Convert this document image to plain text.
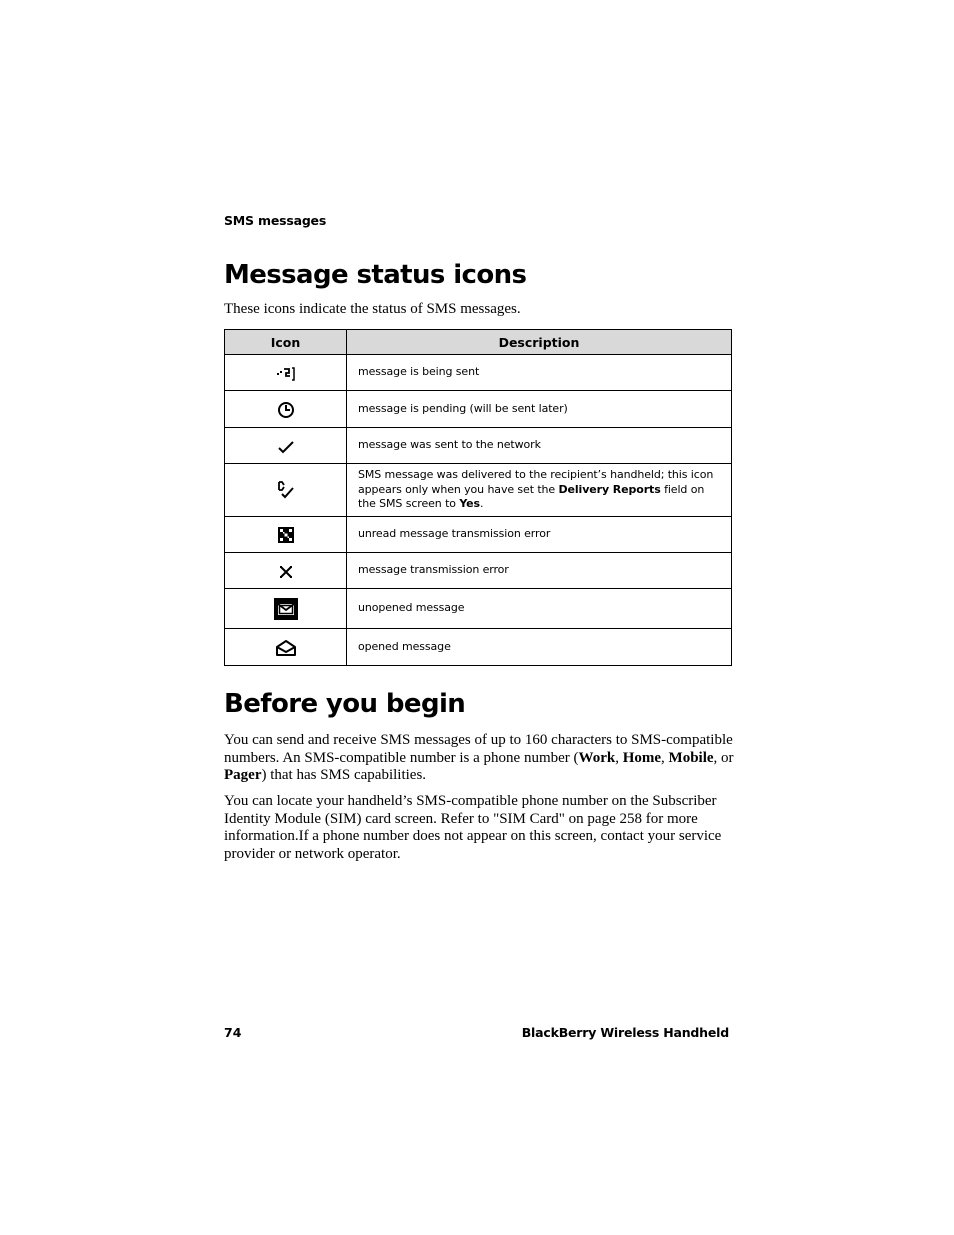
SMS messages
Message status icons

These icons indicate the status of SMS messages.

Icon	Description
	message is being sent
	message is pending (will be sent later)
	message was sent to the network
	SMS message was delivered to the recipient’s handheld; this icon appears only when you have set the Delivery Reports field on the SMS screen to Yes.
	unread message transmission error
	message transmission error
	unopened message
	opened message
Before you begin

You can send and receive SMS messages of up to 160 characters to SMS-compatible numbers. An SMS-compatible number is a phone number (Work, Home, Mobile, or Pager) that has SMS capabilities.

You can locate your handheld’s SMS-compatible phone number on the Subscriber Identity Module (SIM) card screen. Refer to "SIM Card" on page 258 for more information.If a phone number does not appear on this screen, contact your service provider or network operator.

74	BlackBerry Wireless Handheld
